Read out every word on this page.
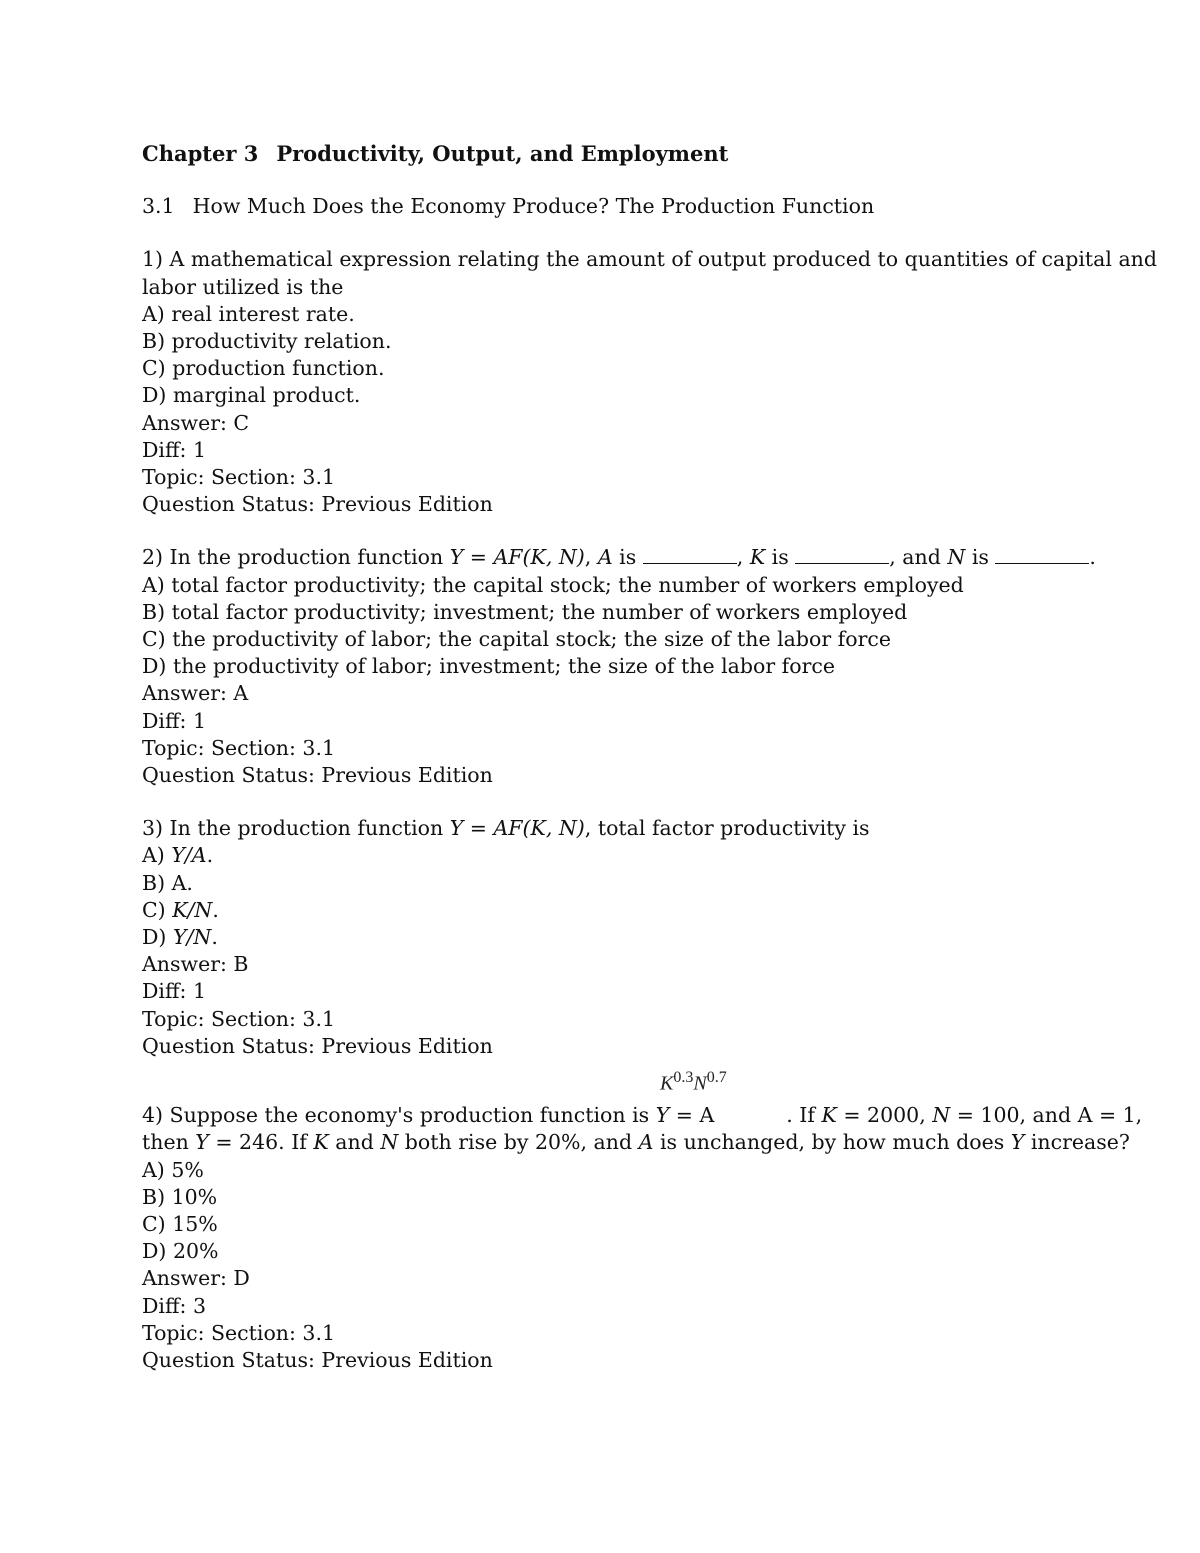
Chapter 3 Productivity, Output, and Employment
3.1 How Much Does the Economy Produce? The Production Function
1) A mathematical expression relating the amount of output produced to quantities of capital and
labor utilized is the
A) real interest rate.
B) productivity relation.
C) production function.
D) marginal product.
Answer: C
Diff: 1
Topic: Section: 3.1
Question Status: Previous Edition
2) In the production function Y = AF(K, N), A is	, K is	, and N is	.
A) total factor productivity; the capital stock; the number of workers employed
B) total factor productivity; investment; the number of workers employed
C) the productivity of labor; the capital stock; the size of the labor force
D) the productivity of labor; investment; the size of the labor force
Answer: A
Diff: 1
Topic: Section: 3.1
Question Status: Previous Edition
3) In the production function Y = AF(K, N), total factor productivity is
A) Y/A.
B) A.
C) K/N.
D) Y/N.
Answer: B
Diff: 1
Topic: Section: 3.1
Question Status: Previous Edition
$K^{0.3}N^{0.7}$
4) Suppose the economy's production function is Y = A	. If K = 2000, N = 100, and A = 1,
then Y = 246. If K and N both rise by 20%, and A is unchanged, by how much does Y increase?
A) 5%
B) 10%
C) 15%
D) 20%
Answer: D
Diff: 3
Topic: Section: 3.1
Question Status: Previous Edition
